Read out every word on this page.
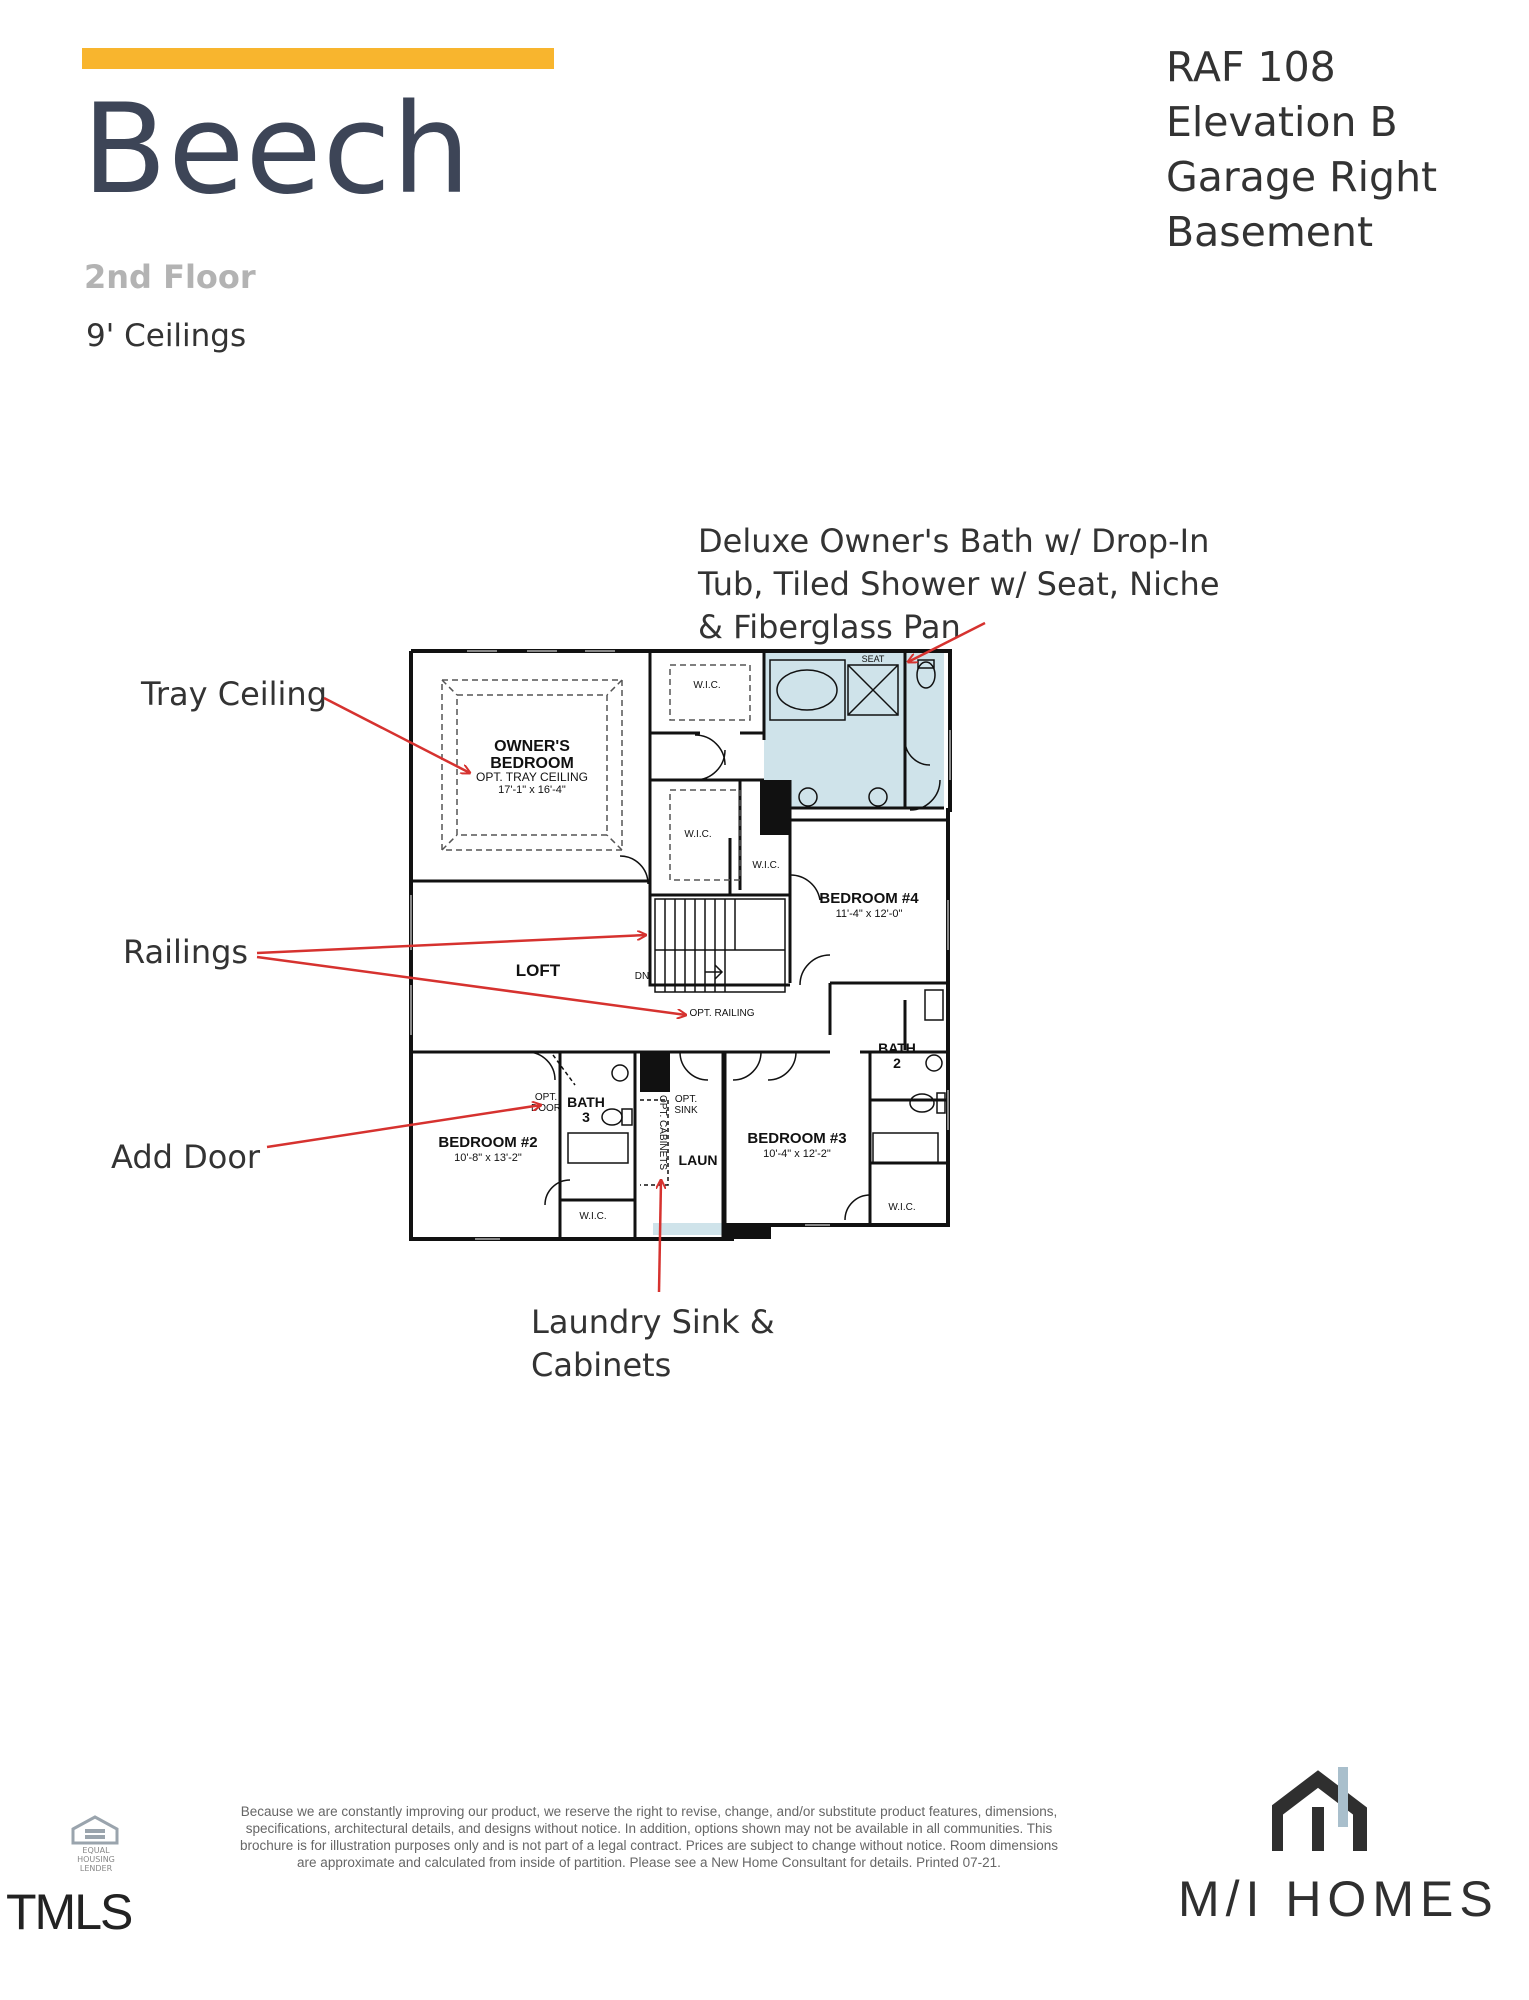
Beech
2nd Floor
9' Ceilings
RAF 108
Elevation B
Garage Right
Basement
Deluxe Owner's Bath w/ Drop-In
Tub, Tiled Shower w/ Seat, Niche
& Fiberglass Pan
Tray Ceiling
Railings
Add Door
Laundry Sink &
Cabinets
OWNER'S
BEDROOM
OPT. TRAY CEILING
17'-1" x 16'-4"
W.I.C.
W.I.C.
W.I.C.
SEAT
BEDROOM #4
11'-4" x 12'-0"
LOFT	DN
OPT. RAILING
BATH
2
BATH
3
OPT.
DOOR
OPT.
SINK
OPT. CABINETS LAUN
BEDROOM #2
10'-8" x 13'-2"
BEDROOM #3
10'-4" x 12'-2"
W.I.C.
W.I.C.
Because we are constantly improving our product, we reserve the right to revise, change, and/or substitute product features, dimensions, specifications, architectural details, and designs without notice. In addition, options shown may not be available in all communities. This brochure is for illustration purposes only and is not part of a legal contract. Prices are subject to change without notice. Room dimensions are approximate and calculated from inside of partition. Please see a New Home Consultant for details. Printed 07-21.
EQUAL HOUSING
LENDER
TMLS	M/I HOMES
